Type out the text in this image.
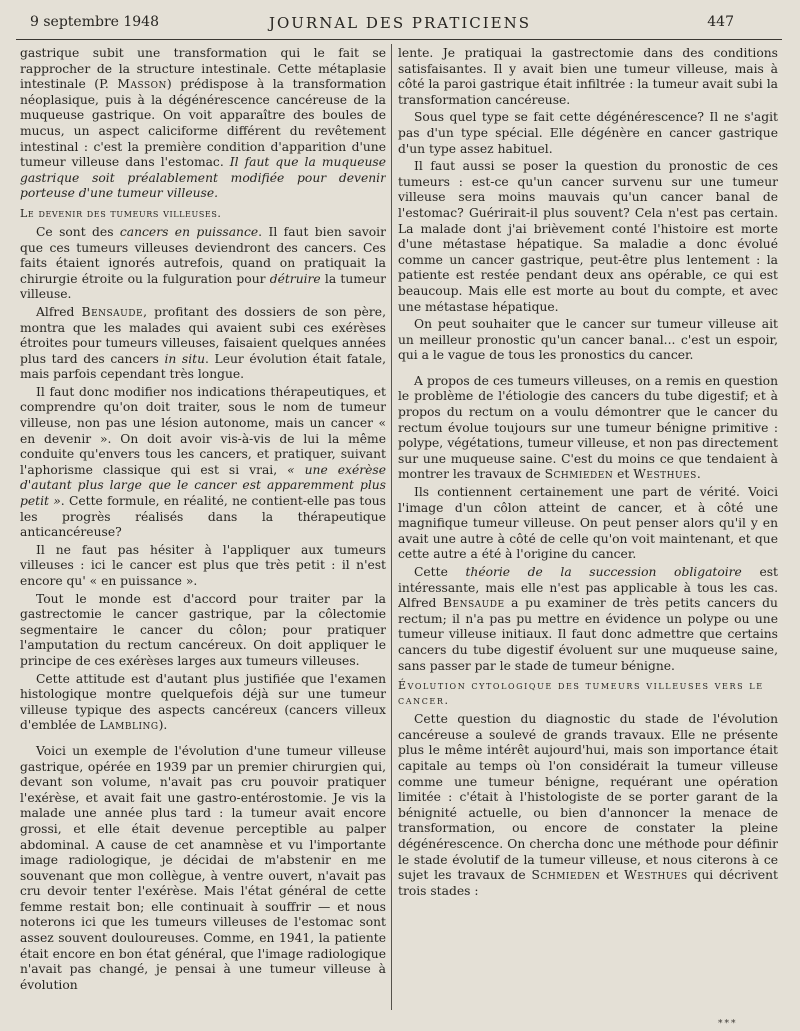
9 septembre 1948	JOURNAL DES PRATICIENS	447

gastrique subit une transformation qui le fait se rapprocher de la structure intestinale. Cette métaplasie intestinale (P. Masson) prédispose à la transformation néoplasique, puis à la dégénérescence cancéreuse de la muqueuse gastrique. On voit apparaître des boules de mucus, un aspect caliciforme différent du revêtement intestinal : c'est la première condition d'apparition d'une tumeur villeuse dans l'estomac. Il faut que la muqueuse gastrique soit préalablement modifiée pour devenir porteuse d'une tumeur villeuse.

Le devenir des tumeurs villeuses.

Ce sont des cancers en puissance. Il faut bien savoir que ces tumeurs villeuses deviendront des cancers. Ces faits étaient ignorés autrefois, quand on pratiquait la chirurgie étroite ou la fulguration pour détruire la tumeur villeuse.

Alfred Bensaude, profitant des dossiers de son père, montra que les malades qui avaient subi ces exérèses étroites pour tumeurs villeuses, faisaient quelques années plus tard des cancers in situ. Leur évolution était fatale, mais parfois cependant très longue.

Il faut donc modifier nos indications thérapeutiques, et comprendre qu'on doit traiter, sous le nom de tumeur villeuse, non pas une lésion autonome, mais un cancer « en devenir ». On doit avoir vis-à-vis de lui la même conduite qu'envers tous les cancers, et pratiquer, suivant l'aphorisme classique qui est si vrai, « une exérèse d'autant plus large que le cancer est apparemment plus petit ». Cette formule, en réalité, ne contient-elle pas tous les progrès réalisés dans la thérapeutique anticancéreuse?

Il ne faut pas hésiter à l'appliquer aux tumeurs villeuses : ici le cancer est plus que très petit : il n'est encore qu' « en puissance ».

Tout le monde est d'accord pour traiter par la gastrectomie le cancer gastrique, par la côlectomie segmentaire le cancer du côlon; pour pratiquer l'amputation du rectum cancéreux. On doit appliquer le principe de ces exérèses larges aux tumeurs villeuses.

Cette attitude est d'autant plus justifiée que l'examen histologique montre quelquefois déjà sur une tumeur villeuse typique des aspects cancéreux (cancers villeux d'emblée de Lambling).

Voici un exemple de l'évolution d'une tumeur villeuse gastrique, opérée en 1939 par un premier chirurgien qui, devant son volume, n'avait pas cru pouvoir pratiquer l'exérèse, et avait fait une gastro-entérostomie. Je vis la malade une année plus tard : la tumeur avait encore grossi, et elle était devenue perceptible au palper abdominal. A cause de cet anamnèse et vu l'importante image radiologique, je décidai de m'abstenir en me souvenant que mon collègue, à ventre ouvert, n'avait pas cru devoir tenter l'exérèse. Mais l'état général de cette femme restait bon; elle continuait à souffrir — et nous noterons ici que les tumeurs villeuses de l'estomac sont assez souvent douloureuses. Comme, en 1941, la patiente était encore en bon état général, que l'image radiologique n'avait pas changé, je pensai à une tumeur villeuse à évolution

lente. Je pratiquai la gastrectomie dans des conditions satisfaisantes. Il y avait bien une tumeur villeuse, mais à côté la paroi gastrique était infiltrée : la tumeur avait subi la transformation cancéreuse.

Sous quel type se fait cette dégénérescence? Il ne s'agit pas d'un type spécial. Elle dégénère en cancer gastrique d'un type assez habituel.

Il faut aussi se poser la question du pronostic de ces tumeurs : est-ce qu'un cancer survenu sur une tumeur villeuse sera moins mauvais qu'un cancer banal de l'estomac? Guérirait-il plus souvent? Cela n'est pas certain. La malade dont j'ai brièvement conté l'histoire est morte d'une métastase hépatique. Sa maladie a donc évolué comme un cancer gastrique, peut-être plus lentement : la patiente est restée pendant deux ans opérable, ce qui est beaucoup. Mais elle est morte au bout du compte, et avec une métastase hépatique.

On peut souhaiter que le cancer sur tumeur villeuse ait un meilleur pronostic qu'un cancer banal... c'est un espoir, qui a le vague de tous les pronostics du cancer.

A propos de ces tumeurs villeuses, on a remis en question le problème de l'étiologie des cancers du tube digestif; et à propos du rectum on a voulu démontrer que le cancer du rectum évolue toujours sur une tumeur bénigne primitive : polype, végétations, tumeur villeuse, et non pas directement sur une muqueuse saine. C'est du moins ce que tendaient à montrer les travaux de Schmieden et Westhues.

Ils contiennent certainement une part de vérité. Voici l'image d'un côlon atteint de cancer, et à côté une magnifique tumeur villeuse. On peut penser alors qu'il y en avait une autre à côté de celle qu'on voit maintenant, et que cette autre a été à l'origine du cancer.

Cette théorie de la succession obligatoire est intéressante, mais elle n'est pas applicable à tous les cas. Alfred Bensaude a pu examiner de très petits cancers du rectum; il n'a pas pu mettre en évidence un polype ou une tumeur villeuse initiaux. Il faut donc admettre que certains cancers du tube digestif évoluent sur une muqueuse saine, sans passer par le stade de tumeur bénigne.

Évolution cytologique des tumeurs villeuses vers le cancer.

Cette question du diagnostic du stade de l'évolution cancéreuse a soulevé de grands travaux. Elle ne présente plus le même intérêt aujourd'hui, mais son importance était capitale au temps où l'on considérait la tumeur villeuse comme une tumeur bénigne, requérant une opération limitée : c'était à l'histologiste de se porter garant de la bénignité actuelle, ou bien d'annoncer la menace de transformation, ou encore de constater la pleine dégénérescence. On chercha donc une méthode pour définir le stade évolutif de la tumeur villeuse, et nous citerons à ce sujet les travaux de Schmieden et Westhues qui décrivent trois stades :

***
